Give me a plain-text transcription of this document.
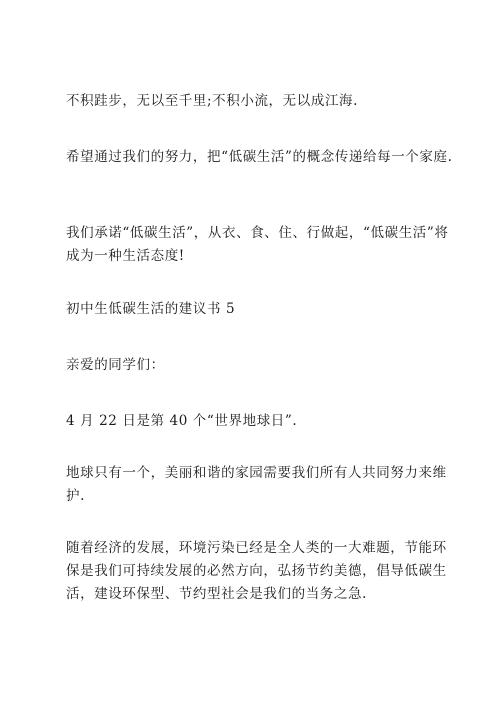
不积跬步，无以至千里;不积小流，无以成江海.

希望通过我们的努力，把“低碳生活”的概念传递给每一个家庭.

我们承诺“低碳生活”，从衣、食、住、行做起，“低碳生活”将成为一种生活态度!

初中生低碳生活的建议书 5

亲爱的同学们：

4 月 22 日是第 40 个“世界地球日”.

地球只有一个，美丽和谐的家园需要我们所有人共同努力来维护.

随着经济的发展，环境污染已经是全人类的一大难题，节能环保是我们可持续发展的必然方向，弘扬节约美德，倡导低碳生活，建设环保型、节约型社会是我们的当务之急.
